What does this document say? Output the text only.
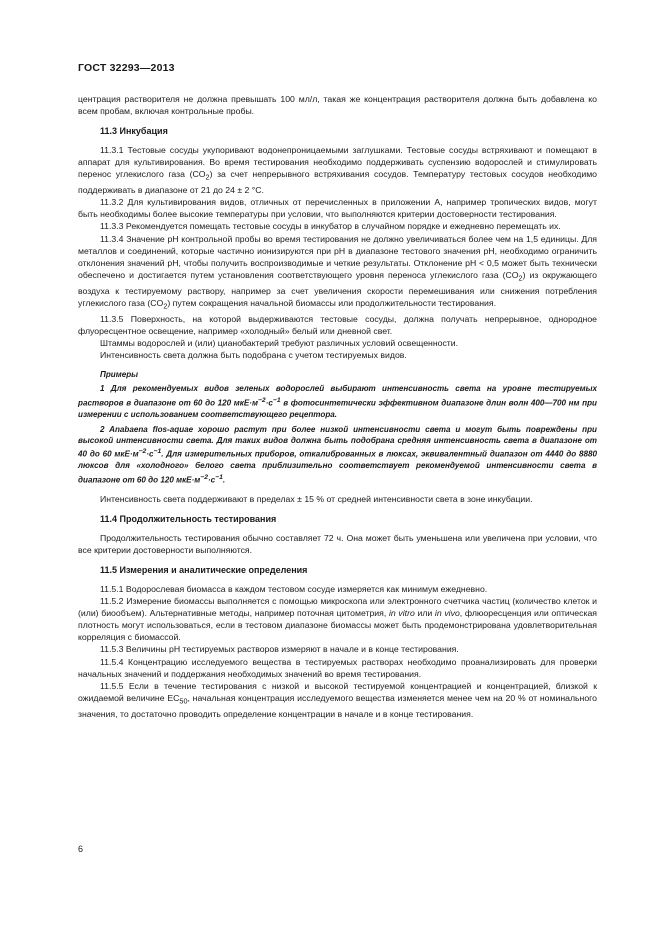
ГОСТ 32293—2013

центрация растворителя не должна превышать 100 мл/л, такая же концентрация растворителя должна быть добавлена ко всем пробам, включая контрольные пробы.

11.3 Инкубация

11.3.1 Тестовые сосуды укупоривают водонепроницаемыми заглушками. Тестовые сосуды встряхивают и помещают в аппарат для культивирования. Во время тестирования необходимо поддерживать суспензию водорослей и стимулировать перенос углекислого газа $(CO_2)$ за счет непрерывного встряхивания сосудов. Температуру тестовых сосудов необходимо поддерживать в диапазоне от 21 до 24 ± 2 °С.

11.3.2 Для культивирования видов, отличных от перечисленных в приложении А, например тропических видов, могут быть необходимы более высокие температуры при условии, что выполняются критерии достоверности тестирования.

11.3.3 Рекомендуется помещать тестовые сосуды в инкубатор в случайном порядке и ежедневно перемещать их.

11.3.4 Значение pH контрольной пробы во время тестирования не должно увеличиваться более чем на 1,5 единицы. Для металлов и соединений, которые частично ионизируются при pH в диапазоне тестового значения pH, необходимо ограничить отклонения значений pH, чтобы получить воспроизводимые и четкие результаты. Отклонение pH < 0,5 может быть технически обеспечено и достигается путем установления соответствующего уровня переноса углекислого газа $(CO_2)$ из окружающего воздуха к тестируемому раствору, например за счет увеличения скорости перемешивания или снижения потребления углекислого газа $(CO_2)$ путем сокращения начальной биомассы или продолжительности тестирования.

11.3.5 Поверхность, на которой выдерживаются тестовые сосуды, должна получать непрерывное, однородное флуоресцентное освещение, например «холодный» белый или дневной свет.

Штаммы водорослей и (или) цианобактерий требуют различных условий освещенности.

Интенсивность света должна быть подобрана с учетом тестируемых видов.

Примеры

1 Для рекомендуемых видов зеленых водорослей выбирают интенсивность света на уровне тестируемых растворов в диапазоне от 60 до 120 $мкЕ\cdot м^{-2}\cdot с^{-1}$ в фотосинтетически эффективном диапазоне длин волн 400—700 нм при измерении с использованием соответствующего рецептора.

2 Anabaena flos-aquae хорошо растут при более низкой интенсивности света и могут быть повреждены при высокой интенсивности света. Для таких видов должна быть подобрана средняя интенсивность света в диапазоне от 40 до 60 $мкЕ\cdot м^{-2}\cdot с^{-1}$. Для измерительных приборов, откалиброванных в люксах, эквивалентный диапазон от 4440 до 8880 люксов для «холодного» белого света приблизительно соответствует рекомендуемой интенсивности света в диапазоне от 60 до 120 $мкЕ\cdot м^{-2}\cdot с^{-1}$.

Интенсивность света поддерживают в пределах ± 15 % от средней интенсивности света в зоне инкубации.

11.4 Продолжительность тестирования

Продолжительность тестирования обычно составляет 72 ч. Она может быть уменьшена или увеличена при условии, что все критерии достоверности выполняются.

11.5 Измерения и аналитические определения

11.5.1 Водорослевая биомасса в каждом тестовом сосуде измеряется как минимум ежедневно.

11.5.2 Измерение биомассы выполняется с помощью микроскопа или электронного счетчика частиц (количество клеток и (или) биообъем). Альтернативные методы, например поточная цитометрия, in vitro или in vivo, флюоресценция или оптическая плотность могут использоваться, если в тестовом диапазоне биомассы может быть продемонстрирована удовлетворительная корреляция с биомассой.

11.5.3 Величины pH тестируемых растворов измеряют в начале и в конце тестирования.

11.5.4 Концентрацию исследуемого вещества в тестируемых растворах необходимо проанализировать для проверки начальных значений и поддержания необходимых значений во время тестирования.

11.5.5 Если в течение тестирования с низкой и высокой тестируемой концентрацией и концентрацией, близкой к ожидаемой величине $EC_{50}$, начальная концентрация исследуемого вещества изменяется менее чем на 20 % от номинального значения, то достаточно проводить определение концентрации в начале и в конце тестирования.

6
